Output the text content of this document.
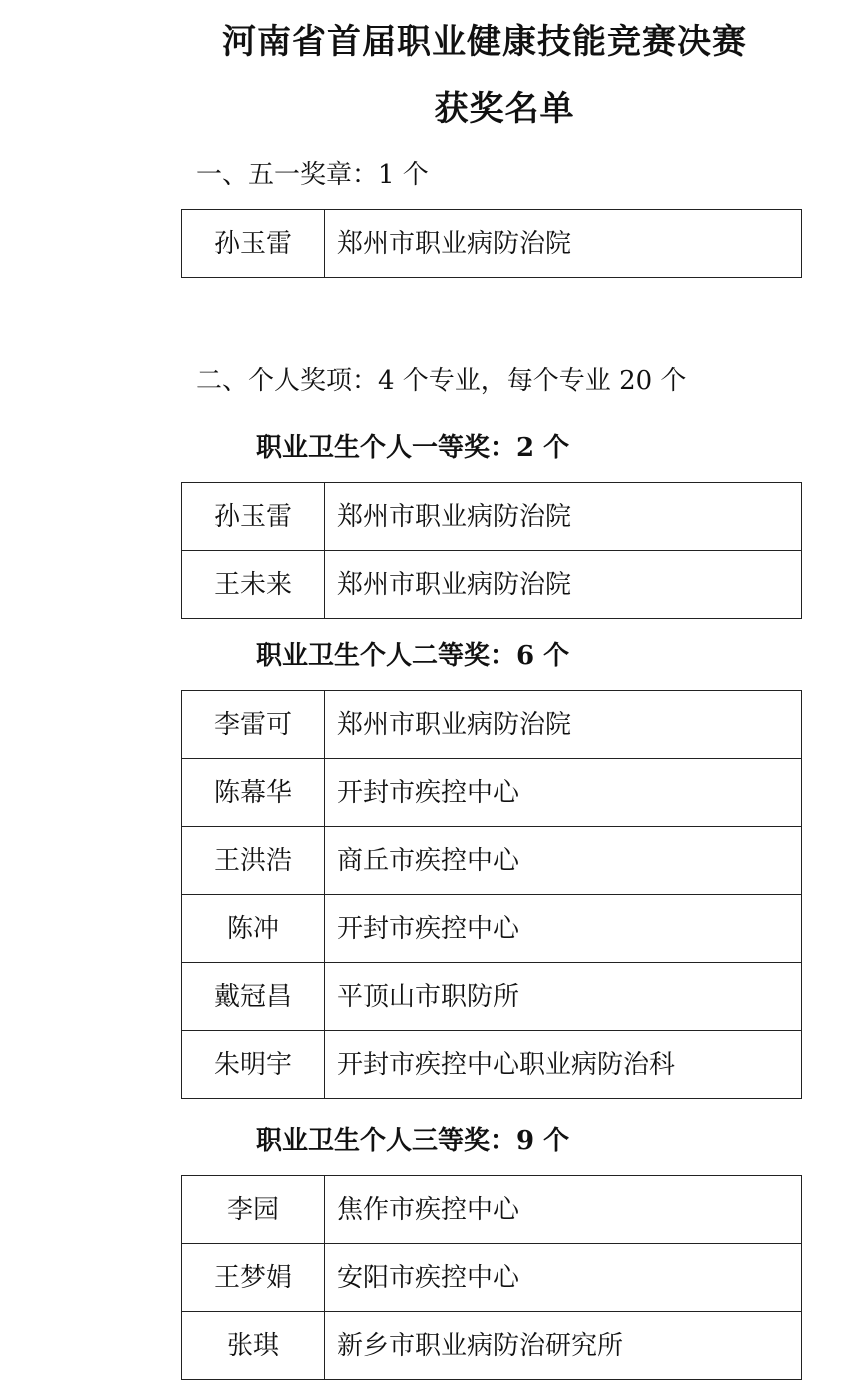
河南省首届职业健康技能竞赛决赛
获奖名单
一、五一奖章：1 个
孙玉雷	郑州市职业病防治院
二、个人奖项：4 个专业，每个专业 20 个
职业卫生个人一等奖：2 个
孙玉雷	郑州市职业病防治院
王未来	郑州市职业病防治院
职业卫生个人二等奖：6 个
李雷可	郑州市职业病防治院
陈幕华	开封市疾控中心
王洪浩	商丘市疾控中心
陈冲	开封市疾控中心
戴冠昌	平顶山市职防所
朱明宇	开封市疾控中心职业病防治科
职业卫生个人三等奖：9 个
李园	焦作市疾控中心
王梦娟	安阳市疾控中心
张琪	新乡市职业病防治研究所
